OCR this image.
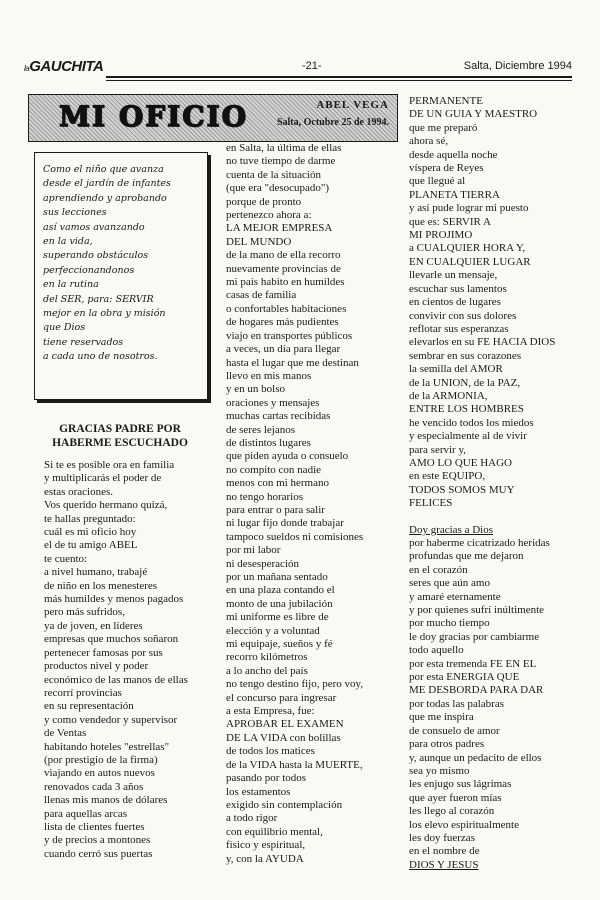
laGAUCHITA	-21-	Salta, Diciembre 1994
MI OFICIO	ABEL VEGA
Salta, Octubre 25 de 1994.
Como el niño que avanza
desde el jardín de infantes
aprendiendo y aprobando
sus lecciones
así vamos avanzando
en la vida,
superando obstáculos
perfeccionandonos
en la rutina
del SER, para: SERVIR
mejor en la obra y misión
que Dios
tiene reservados
a cada uno de nosotros.
GRACIAS PADRE POR
HABERME ESCUCHADO
Si te es posible ora en familia
y multiplicarás el poder de
estas oraciones.
Vos querido hermano quizá,
te hallas preguntado:
cuál es mi oficio hoy
el de tu amigo ABEL
te cuento:
a nivel humano, trabajé
de niño en los menesteres
más humildes y menos pagados
pero más sufridos,
ya de joven, en líderes
empresas que muchos soñaron
pertenecer famosas por sus
productos nivel y poder
económico de las manos de ellas
recorrí provincias
en su representación
y como vendedor y supervisor
de Ventas
habitando hoteles "estrellas"
(por prestigio de la firma)
viajando en autos nuevos
renovados cada 3 años
llenas mis manos de dólares
para aquellas arcas
lista de clientes fuertes
y de precios a montones
cuando cerró sus puertas
en Salta, la última de ellas
no tuve tiempo de darme
cuenta de la situación
(que era "desocupado")
porque de pronto
pertenezco ahora a:
LA MEJOR EMPRESA
DEL MUNDO
de la mano de ella recorro
nuevamente provincias de
mi país habito en humildes
casas de familia
o confortables habitaciones
de hogares más pudientes
viajo en transportes públicos
a veces, un día para llegar
hasta el lugar que me destinan
llevo en mis manos
y en un bolso
oraciones y mensajes
muchas cartas recibidas
de seres lejanos
de distintos lugares
que piden ayuda o consuelo
no compito con nadie
menos con mi hermano
no tengo horarios
para entrar o para salir
ni lugar fijo donde trabajar
tampoco sueldos ni comisiones
por mi labor
ni desesperación
por un mañana sentado
en una plaza contando el
monto de una jubilación
mi uniforme es libre de
elección y a voluntad
mi equipaje, sueños y fé
recorro kilómetros
a lo ancho del país
no tengo destino fijo, pero voy,
el concurso para ingresar
a esta Empresa, fue:
APROBAR EL EXAMEN
DE LA VIDA con bolillas
de todos los matices
de la VIDA hasta la MUERTE,
pasando por todos
los estamentos
exigido sin contemplación
a todo rigor
con equilibrio mental,
físico y espiritual,
y, con la AYUDA
PERMANENTE
DE UN GUIA Y MAESTRO
que me preparó
ahora sé,
desde aquella noche
víspera de Reyes
que llegué al
PLANETA TIERRA
y así pude lograr mi puesto
que es: SERVIR A
MI PROJIMO
a CUALQUIER HORA Y,
EN CUALQUIER LUGAR
llevarle un mensaje,
escuchar sus lamentos
en cientos de lugares
convivir con sus dolores
reflotar sus esperanzas
elevarlos en su FE HACIA DIOS
sembrar en sus corazones
la semilla del AMOR
de la UNION, de la PAZ,
de la ARMONIA,
ENTRE LOS HOMBRES
he vencido todos los miedos
y especialmente al de vivir
para servir y,
AMO LO QUE HAGO
en este EQUIPO,
TODOS SOMOS MUY
FELICES
Doy gracias a Dios
por haberme cicatrizado heridas
profundas que me dejaron
en el corazón
seres que aún amo
y amaré eternamente
y por quienes sufrí inúltimente
por mucho tiempo
le doy gracias por cambiarme
todo aquello
por esta tremenda FE EN EL
por esta ENERGIA QUE
ME DESBORDA PARA DAR
por todas las palabras
que me inspira
de consuelo de amor
para otros padres
y, aunque un pedacito de ellos
sea yo mismo
les enjugo sus lágrimas
que ayer fueron mías
les llego al corazón
los elevo espiritualmente
les doy fuerzas
en el nombre de
DIOS Y JESUS
